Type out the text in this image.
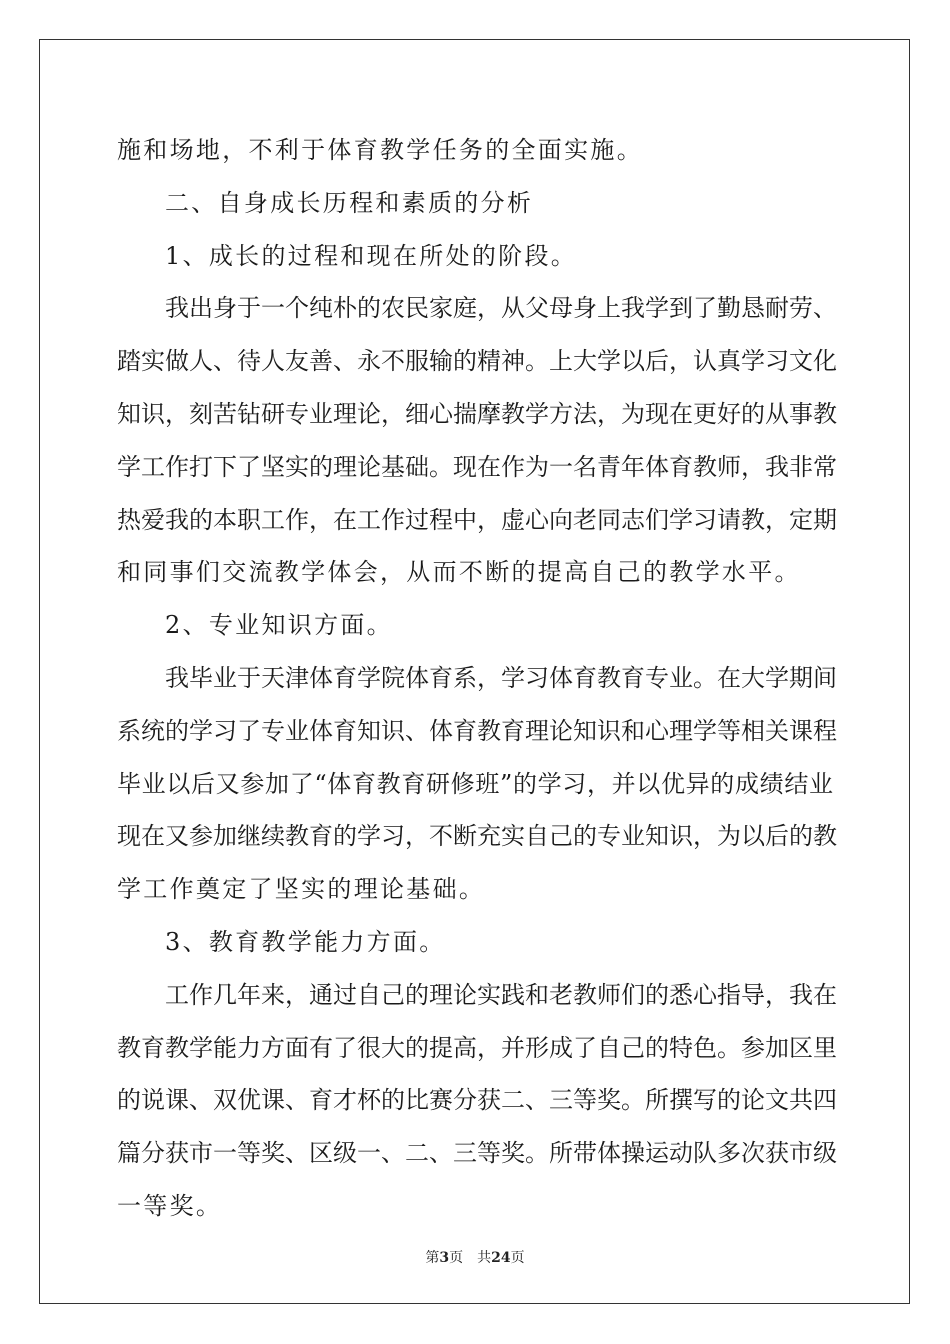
施和场地，不利于体育教学任务的全面实施。
二、自身成长历程和素质的分析
1、成长的过程和现在所处的阶段。
我出身于一个纯朴的农民家庭，从父母身上我学到了勤恳耐劳、
踏实做人、待人友善、永不服输的精神。上大学以后，认真学习文化
知识，刻苦钻研专业理论，细心揣摩教学方法，为现在更好的从事教
学工作打下了坚实的理论基础。现在作为一名青年体育教师，我非常
热爱我的本职工作，在工作过程中，虚心向老同志们学习请教，定期
和同事们交流教学体会，从而不断的提高自己的教学水平。
2、专业知识方面。
我毕业于天津体育学院体育系，学习体育教育专业。在大学期间
系统的学习了专业体育知识、体育教育理论知识和心理学等相关课程
毕业以后又参加了“体育教育研修班”的学习，并以优异的成绩结业
现在又参加继续教育的学习，不断充实自己的专业知识，为以后的教
学工作奠定了坚实的理论基础。
3、教育教学能力方面。
工作几年来，通过自己的理论实践和老教师们的悉心指导，我在
教育教学能力方面有了很大的提高，并形成了自己的特色。参加区里
的说课、双优课、育才杯的比赛分获二、三等奖。所撰写的论文共四
篇分获市一等奖、区级一、二、三等奖。所带体操运动队多次获市级
一等奖。
第3页 共24页
